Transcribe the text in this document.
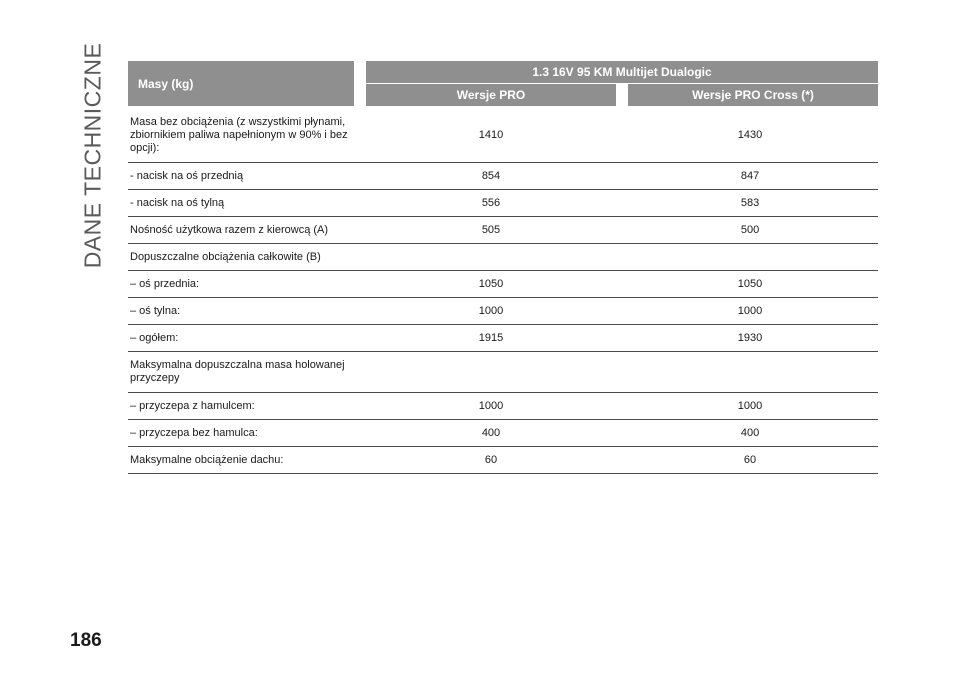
DANE TECHNICZNE	Masy (kg)	1.3 16V 95 KM Multijet Dualogic	
	Wersje PRO	Wersje PRO Cross (*)
Masa bez obciążenia (z wszystkimi płynami, zbiornikiem paliwa napełnionym w 90% i bez opcji):	1410	1430
- nacisk na oś przednią	854	847
- nacisk na oś tylną	556	583
Nośność użytkowa razem z kierowcą (A)	505	500
Dopuszczalne obciążenia całkowite (B)		
– oś przednia:	1050	1050
– oś tylna:	1000	1000
– ogółem:	1915	1930
Maksymalna dopuszczalna masa holowanej przyczepy		
– przyczepa z hamulcem:	1000	1000
– przyczepa bez hamulca:	400	400
Maksymalne obciążenie dachu:	60	60
186
